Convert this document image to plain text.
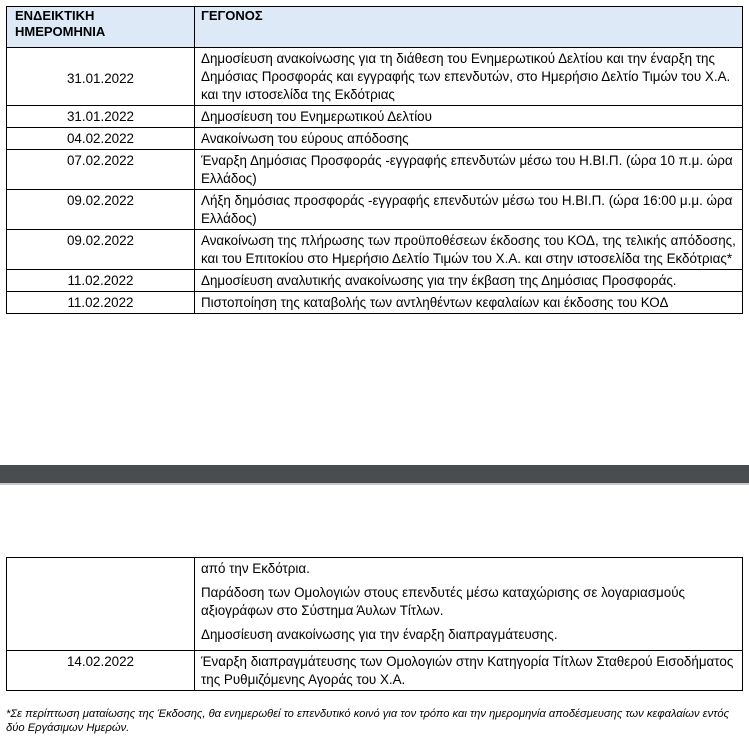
ΕΝΔΕΙΚΤΙΚΗ ΗΜΕΡΟΜΗΝΙΑ	ΓΕΓΟΝΟΣ
31.01.2022	Δημοσίευση ανακοίνωσης για τη διάθεση του Ενημερωτικού Δελτίου και την έναρξη της Δημόσιας Προσφοράς και εγγραφής των επενδυτών, στο Ημερήσιο Δελτίο Τιμών του Χ.Α. και την ιστοσελίδα της Εκδότριας
31.01.2022	Δημοσίευση του Ενημερωτικού Δελτίου
04.02.2022	Ανακοίνωση του εύρους απόδοσης
07.02.2022	Έναρξη Δημόσιας Προσφοράς -εγγραφής επενδυτών μέσω του Η.ΒΙ.Π. (ώρα 10 π.μ. ώρα Ελλάδος)
09.02.2022	Λήξη δημόσιας προσφοράς -εγγραφής επενδυτών μέσω του Η.ΒΙ.Π. (ώρα 16:00 μ.μ. ώρα Ελλάδος)
09.02.2022	Ανακοίνωση της πλήρωσης των προϋποθέσεων έκδοσης του ΚΟΔ, της τελικής απόδοσης, και του Επιτοκίου στο Ημερήσιο Δελτίο Τιμών του Χ.Α. και στην ιστοσελίδα της Εκδότριας*
11.02.2022	Δημοσίευση αναλυτικής ανακοίνωσης για την έκβαση της Δημόσιας Προσφοράς.
11.02.2022	Πιστοποίηση της καταβολής των αντληθέντων κεφαλαίων και έκδοσης του ΚΟΔ

	από την Εκδότρια.

Παράδοση των Ομολογιών στους επενδυτές μέσω καταχώρισης σε λογαριασμούς αξιογράφων στο Σύστημα Άυλων Τίτλων.

Δημοσίευση ανακοίνωσης για την έναρξη διαπραγμάτευσης.

14.02.2022	Έναρξη διαπραγμάτευσης των Ομολογιών στην Κατηγορία Τίτλων Σταθερού Εισοδήματος της Ρυθμιζόμενης Αγοράς του Χ.Α.
*Σε περίπτωση ματαίωσης της Έκδοσης, θα ενημερωθεί το επενδυτικό κοινό για τον τρόπο και την ημερομηνία αποδέσμευσης των κεφαλαίων εντός δύο Εργάσιμων Ημερών.
